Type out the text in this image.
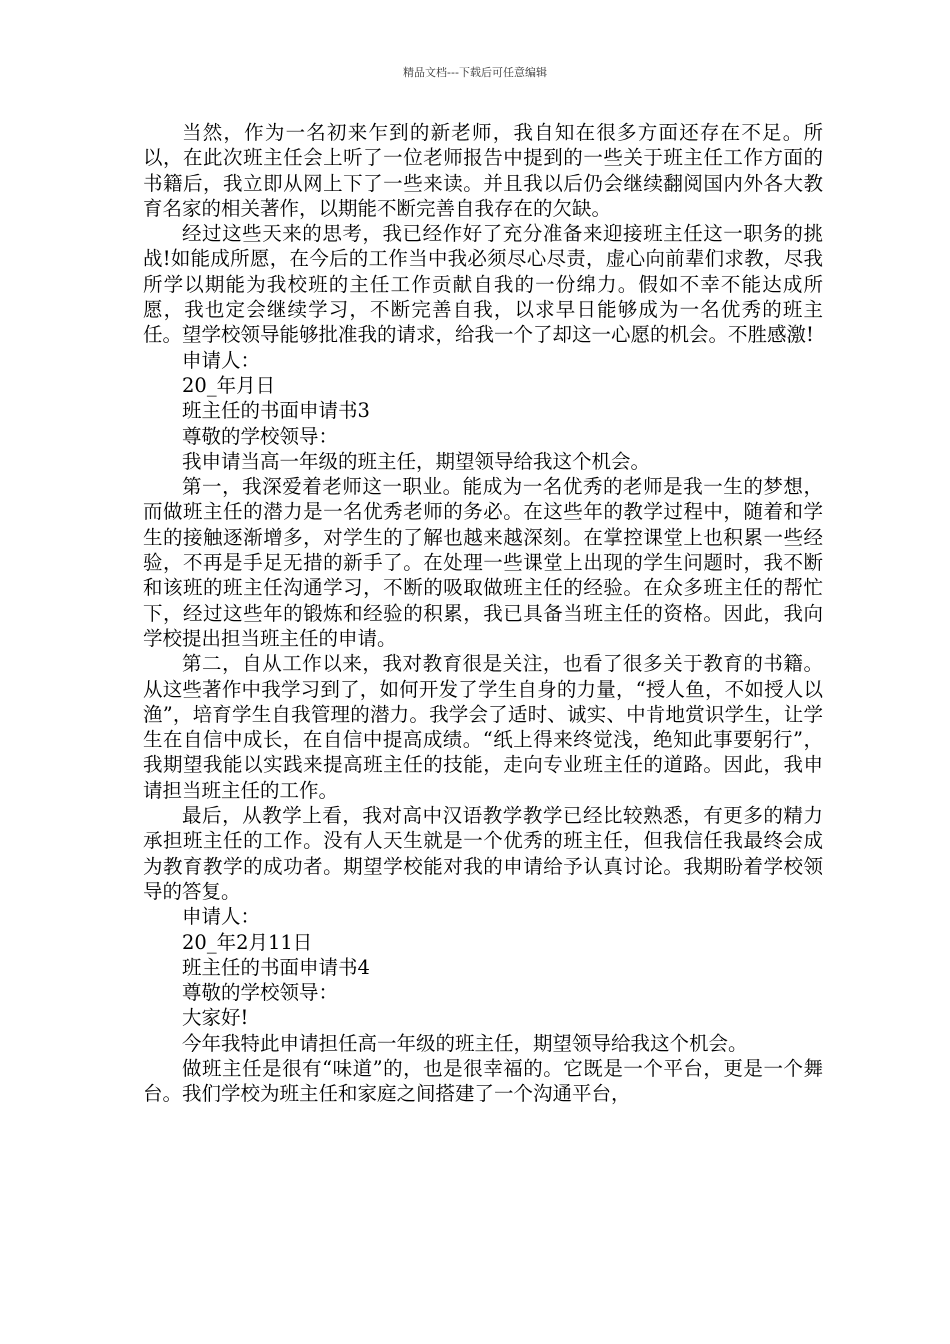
精品文档---下载后可任意编辑

当然，作为一名初来乍到的新老师，我自知在很多方面还存在不足。所以，在此次班主任会上听了一位老师报告中提到的一些关于班主任工作方面的书籍后，我立即从网上下了一些来读。并且我以后仍会继续翻阅国内外各大教育名家的相关著作，以期能不断完善自我存在的欠缺。

经过这些天来的思考，我已经作好了充分准备来迎接班主任这一职务的挑战!如能成所愿，在今后的工作当中我必须尽心尽责，虚心向前辈们求教，尽我所学以期能为我校班的主任工作贡献自我的一份绵力。假如不幸不能达成所愿，我也定会继续学习，不断完善自我，以求早日能够成为一名优秀的班主任。望学校领导能够批准我的请求，给我一个了却这一心愿的机会。不胜感激!

申请人：

20_年月日

班主任的书面申请书3

尊敬的学校领导：

我申请当高一年级的班主任，期望领导给我这个机会。

第一，我深爱着老师这一职业。能成为一名优秀的老师是我一生的梦想，而做班主任的潜力是一名优秀老师的务必。在这些年的教学过程中，随着和学生的接触逐渐增多，对学生的了解也越来越深刻。在掌控课堂上也积累一些经验，不再是手足无措的新手了。在处理一些课堂上出现的学生问题时，我不断和该班的班主任沟通学习，不断的吸取做班主任的经验。在众多班主任的帮忙下，经过这些年的锻炼和经验的积累，我已具备当班主任的资格。因此，我向学校提出担当班主任的申请。

第二，自从工作以来，我对教育很是关注，也看了很多关于教育的书籍。从这些著作中我学习到了，如何开发了学生自身的力量，“授人鱼，不如授人以渔”，培育学生自我管理的潜力。我学会了适时、诚实、中肯地赏识学生，让学生在自信中成长，在自信中提高成绩。“纸上得来终觉浅，绝知此事要躬行”，我期望我能以实践来提高班主任的技能，走向专业班主任的道路。因此，我申请担当班主任的工作。

最后，从教学上看，我对高中汉语教学教学已经比较熟悉，有更多的精力承担班主任的工作。没有人天生就是一个优秀的班主任，但我信任我最终会成为教育教学的成功者。期望学校能对我的申请给予认真讨论。我期盼着学校领导的答复。

申请人：

20_年2月11日

班主任的书面申请书4

尊敬的学校领导：

大家好!

今年我特此申请担任高一年级的班主任，期望领导给我这个机会。

做班主任是很有“味道”的，也是很幸福的。它既是一个平台，更是一个舞台。我们学校为班主任和家庭之间搭建了一个沟通平台，
